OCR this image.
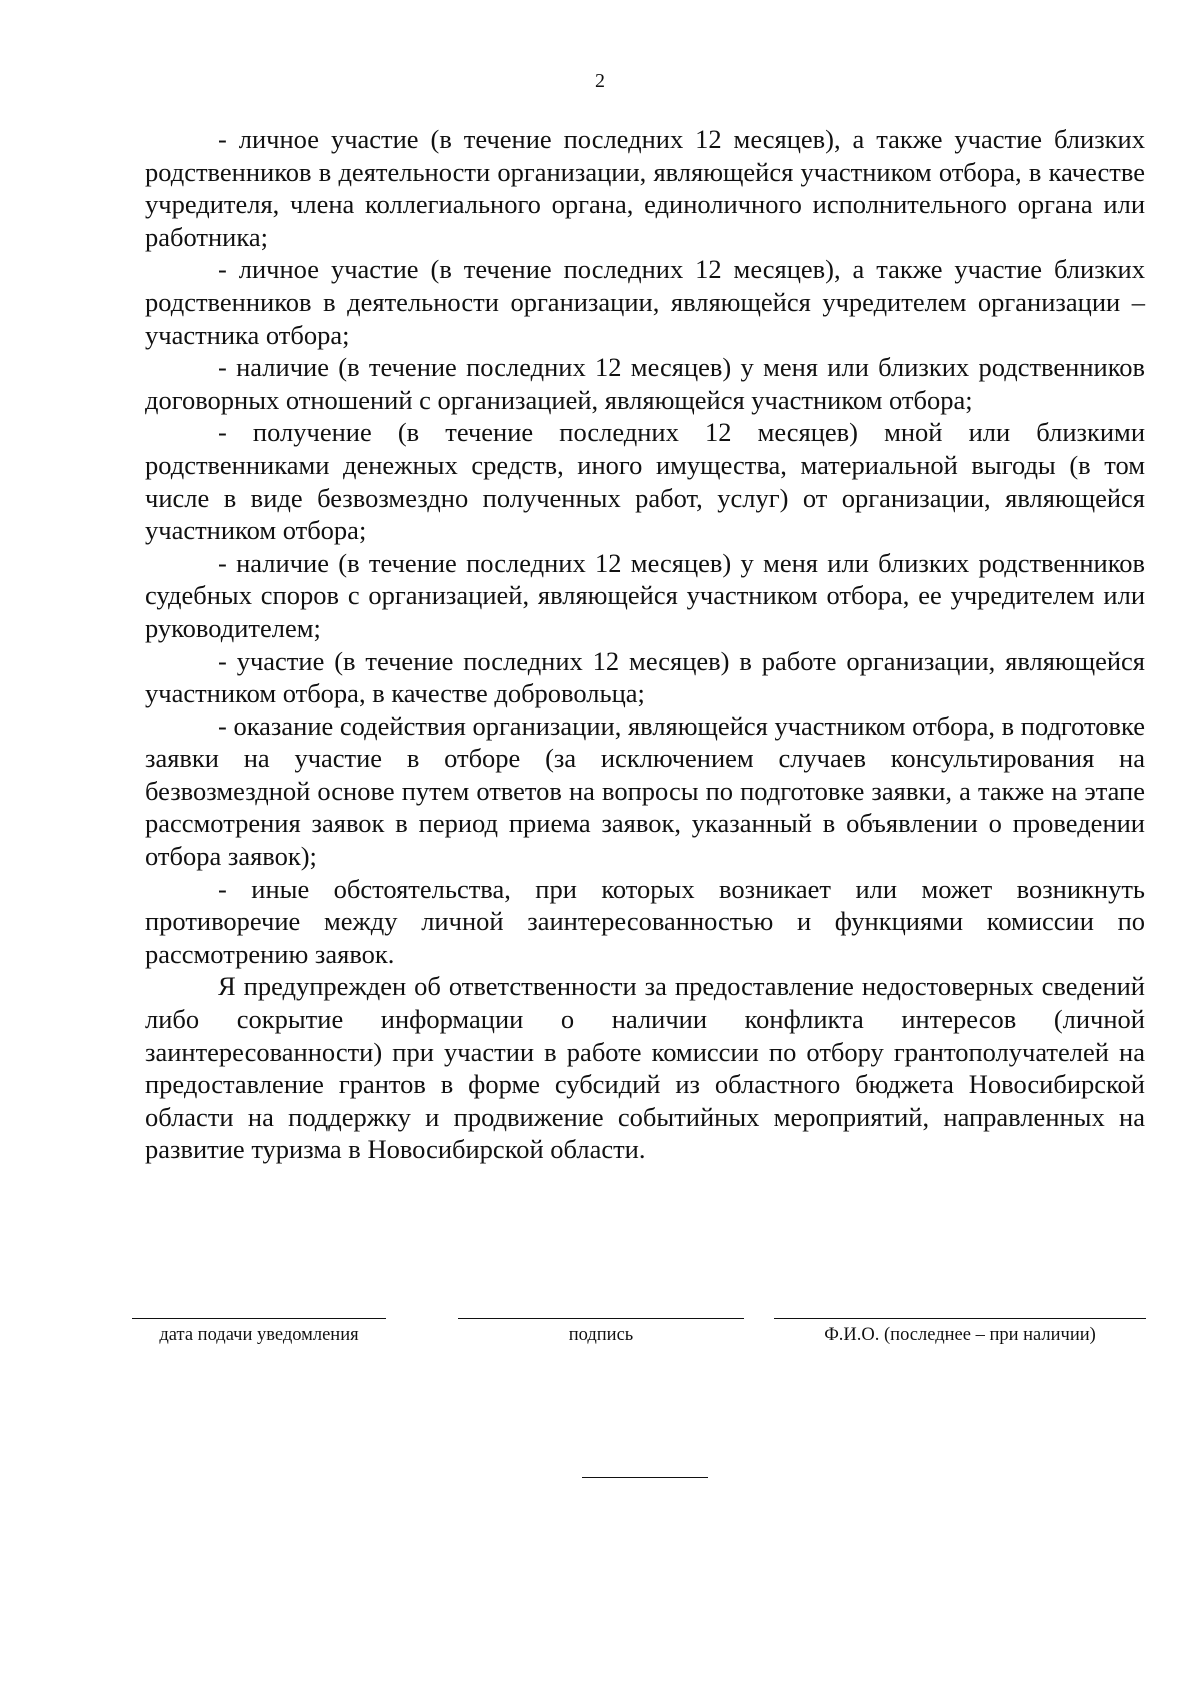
2

- личное участие (в течение последних 12 месяцев), а также участие близких родственников в деятельности организации, являющейся участником отбора, в качестве учредителя, члена коллегиального органа, единоличного исполнительного органа или работника;

- личное участие (в течение последних 12 месяцев), а также участие близких родственников в деятельности организации, являющейся учредителем организации – участника отбора;

- наличие (в течение последних 12 месяцев) у меня или близких родственников договорных отношений с организацией, являющейся участником отбора;

- получение (в течение последних 12 месяцев) мной или близкими родственниками денежных средств, иного имущества, материальной выгоды (в том числе в виде безвозмездно полученных работ, услуг) от организации, являющейся участником отбора;

- наличие (в течение последних 12 месяцев) у меня или близких родственников судебных споров с организацией, являющейся участником отбора, ее учредителем или руководителем;

- участие (в течение последних 12 месяцев) в работе организации, являющейся участником отбора, в качестве добровольца;

- оказание содействия организации, являющейся участником отбора, в подготовке заявки на участие в отборе (за исключением случаев консультирования на безвозмездной основе путем ответов на вопросы по подготовке заявки, а также на этапе рассмотрения заявок в период приема заявок, указанный в объявлении о проведении отбора заявок);

- иные обстоятельства, при которых возникает или может возникнуть противоречие между личной заинтересованностью и функциями комиссии по рассмотрению заявок.

Я предупрежден об ответственности за предоставление недостоверных сведений либо сокрытие информации о наличии конфликта интересов (личной заинтересованности) при участии в работе комиссии по отбору грантополучателей на предоставление грантов в форме субсидий из областного бюджета Новосибирской области на поддержку и продвижение событийных мероприятий, направленных на развитие туризма в Новосибирской области.

дата подачи уведомления	подпись	Ф.И.О. (последнее – при наличии)
